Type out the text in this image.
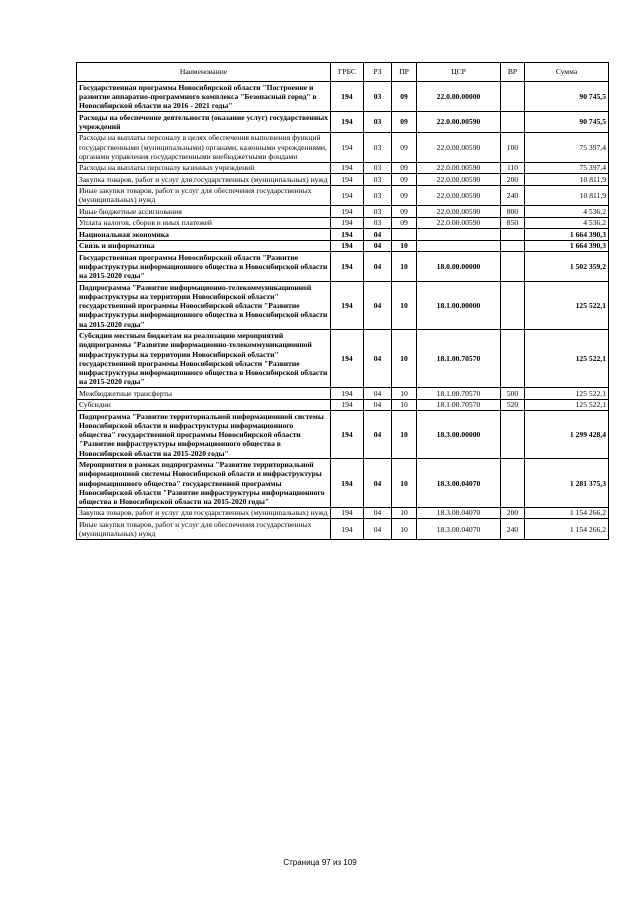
Наименование	ГРБС	РЗ	ПР	ЦСР	ВР	Сумма
Государственная программа Новосибирской области "Построение и развитие аппаратно-программного комплекса "Безопасный город" в Новосибирской области на 2016 - 2021 годы"	194	03	09	22.0.00.00000		90 745,5
Расходы на обеспечение деятельности (оказание услуг) государственных учреждений	194	03	09	22.0.00.00590		90 745,5
Расходы на выплаты персоналу в целях обеспечения выполнения функций государственными (муниципальными) органами, казенными учреждениями, органами управления государственными внебюджетными фондами	194	03	09	22.0.00.00590	100	75 397,4
Расходы на выплаты персоналу казенных учреждений	194	03	09	22.0.00.00590	110	75 397,4
Закупка товаров, работ и услуг для государственных (муниципальных) нужд	194	03	09	22.0.00.00590	200	10 811,9
Иные закупки товаров, работ и услуг для обеспечения государственных (муниципальных) нужд	194	03	09	22.0.00.00590	240	10 811,9
Иные бюджетные ассигнования	194	03	09	22.0.00.00590	800	4 536,2
Уплата налогов, сборов и иных платежей	194	03	09	22.0.00.00590	850	4 536,2
Национальная экономика	194	04				1 664 390,3
Связь и информатика	194	04	10			1 664 390,3
Государственная программа Новосибирской области "Развитие инфраструктуры информационного общества в Новосибирской области на 2015-2020 годы"	194	04	10	18.0.00.00000		1 502 359,2
Подпрограмма "Развитие информационно-телекоммуникационной инфраструктуры на территории Новосибирской области" государственной программы Новосибирской области "Развитие инфраструктуры информационного общества в Новосибирской области на 2015-2020 годы"	194	04	10	18.1.00.00000		125 522,1
Субсидии местным бюджетам на реализацию мероприятий подпрограммы "Развитие информационно-телекоммуникационной инфраструктуры на территории Новосибирской области" государственной программы Новосибирской области "Развитие инфраструктуры информационного общества в Новосибирской области на 2015-2020 годы"	194	04	10	18.1.00.70570		125 522,1
Межбюджетные трансферты	194	04	10	18.1.00.70570	500	125 522,1
Субсидии	194	04	10	18.1.00.70570	520	125 522,1
Подпрограмма "Развитие территориальной информационной системы Новосибирской области и инфраструктуры информационного общества" государственной программы Новосибирской области "Развитие инфраструктуры информационного общества в Новосибирской области на 2015-2020 годы"	194	04	10	18.3.00.00000		1 299 428,4
Мероприятия в рамках подпрограммы "Развитие территориальной информационной системы Новосибирской области и инфраструктуры информационного общества" государственной программы Новосибирской области "Развитие инфраструктуры информационного общества в Новосибирской области на 2015-2020 годы"	194	04	10	18.3.00.04070		1 281 375,3
Закупка товаров, работ и услуг для государственных (муниципальных) нужд	194	04	10	18.3.00.04070	200	1 154 266,2
Иные закупки товаров, работ и услуг для обеспечения государственных (муниципальных) нужд	194	04	10	18.3.00.04070	240	1 154 266,2
Страница 97 из 109
